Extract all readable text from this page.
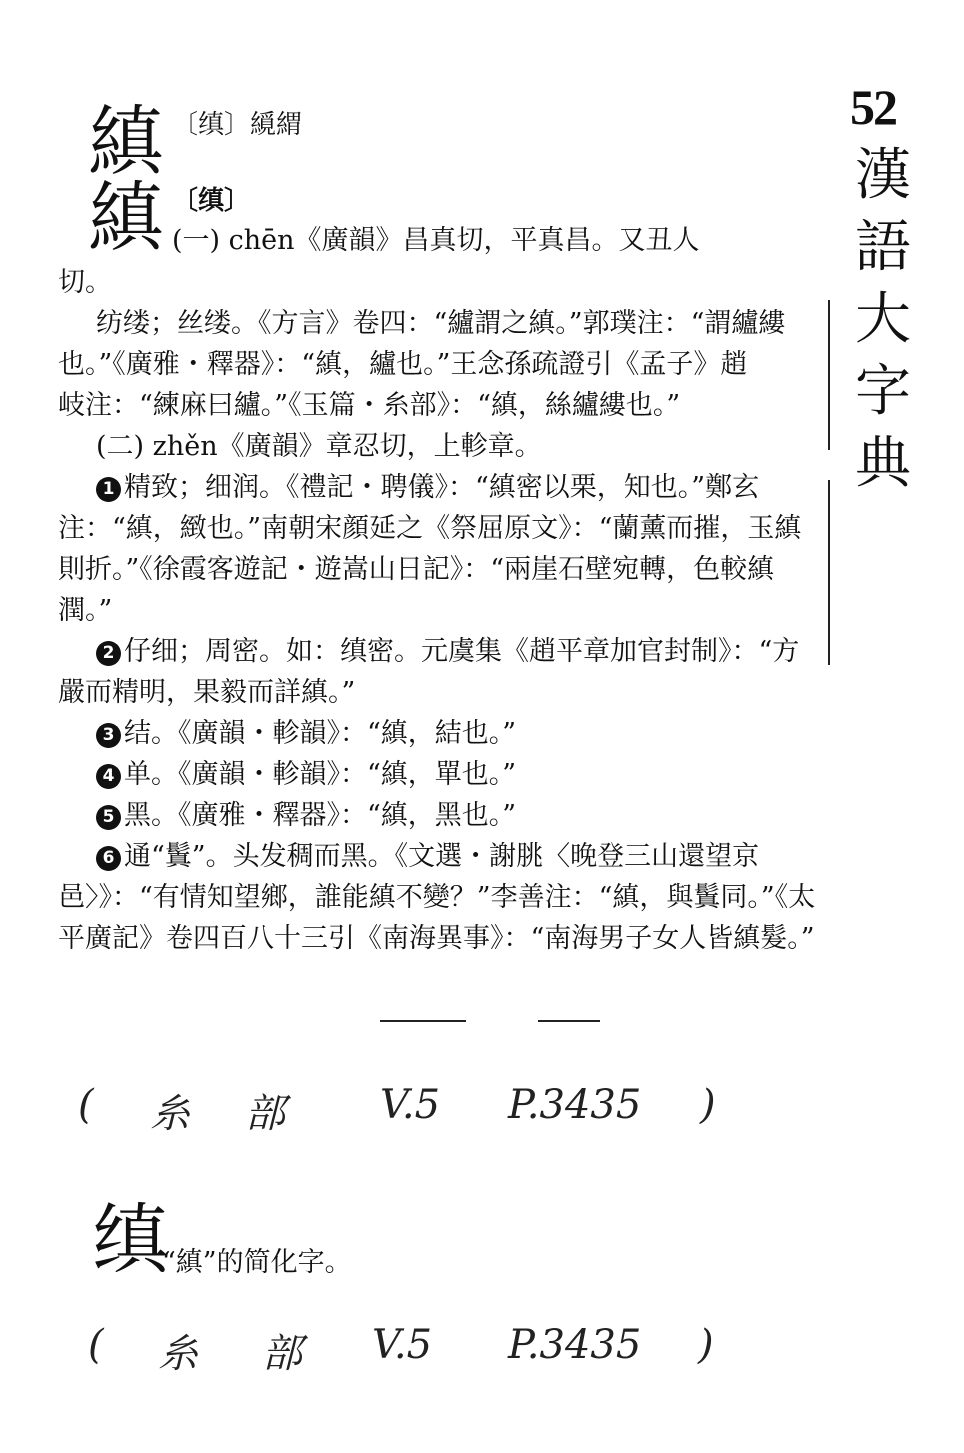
52
漢
語
大
字
典
縝 〔缜〕䌐緭
縝 〔缜〕
(一) chēn《廣韻》昌真切，平真昌。又丑人

切。

纺缕；丝缕。《方言》卷四：“纑謂之縝。”郭璞注：“謂纑縷

也。”《廣雅・釋器》：“縝，纑也。”王念孫疏證引《孟子》趙

岐注：“練麻曰纑。”《玉篇・糸部》：“縝，絲纑縷也。”

(二) zhěn《廣韻》章忍切，上軫章。

1 精致；细润。《禮記・聘儀》：“縝密以栗，知也。”鄭玄注：“縝，緻也。”南朝宋顔延之《祭屈原文》：“蘭薰而摧，玉縝則折。”《徐霞客遊記・遊嵩山日記》：“兩崖石壁宛轉，色較縝潤。”

2 仔细；周密。如：缜密。元虞集《趙平章加官封制》：“方嚴而精明，果毅而詳縝。”

3 结。《廣韻・軫韻》：“縝，結也。”

4 单。《廣韻・軫韻》：“縝，單也。”

5 黑。《廣雅・釋器》：“縝，黑也。”

6 通“鬒”。头发稠而黑。《文選・謝朓〈晚登三山還望京邑〉》：“有情知望鄉，誰能縝不變？”李善注：“縝，與鬒同。”《太平廣記》卷四百八十三引《南海異事》：“南海男子女人皆縝髮。”

( 糸 部 V.5 P.3435 )
缜
“縝”的简化字。
( 糸 部 V.5 P.3435 )
